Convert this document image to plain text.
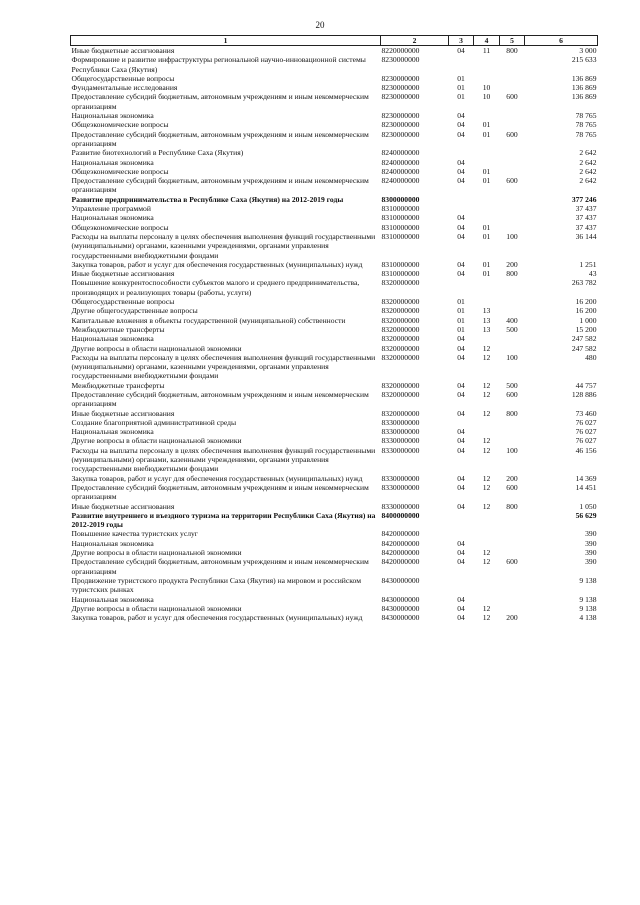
20
1	2	3	4	5	6
Иные бюджетные ассигнования	8220000000	04	11	800	3 000
Формирование и развитие инфраструктуры региональной научно-инновационной системы Республики Саха (Якутия)	8230000000				215 633
Общегосударственные вопросы	8230000000	01			136 869
Фундаментальные исследования	8230000000	01	10		136 869
Предоставление субсидий бюджетным, автономным учреждениям и иным некоммерческим организациям	8230000000	01	10	600	136 869
Национальная экономика	8230000000	04			78 765
Общеэкономические вопросы	8230000000	04	01		78 765
Предоставление субсидий бюджетным, автономным учреждениям и иным некоммерческим организациям	8230000000	04	01	600	78 765
Развитие биотехнологий в Республике Саха (Якутия)	8240000000				2 642
Национальная экономика	8240000000	04			2 642
Общеэкономические вопросы	8240000000	04	01		2 642
Предоставление субсидий бюджетным, автономным учреждениям и иным некоммерческим организациям	8240000000	04	01	600	2 642
Развитие предпринимательства в Республике Саха (Якутия) на 2012-2019 годы	8300000000				377 246
Управление программой	8310000000				37 437
Национальная экономика	8310000000	04			37 437
Общеэкономические вопросы	8310000000	04	01		37 437
Расходы на выплаты персоналу в целях обеспечения выполнения функций государственными (муниципальными) органами, казенными учреждениями, органами управления государственными внебюджетными фондами	8310000000	04	01	100	36 144
Закупка товаров, работ и услуг для обеспечения государственных (муниципальных) нужд	8310000000	04	01	200	1 251
Иные бюджетные ассигнования	8310000000	04	01	800	43
Повышение конкурентоспособности субъектов малого и среднего предпринимательства, производящих и реализующих товары (работы, услуги)	8320000000				263 782
Общегосударственные вопросы	8320000000	01			16 200
Другие общегосударственные вопросы	8320000000	01	13		16 200
Капитальные вложения в объекты государственной (муниципальной) собственности	8320000000	01	13	400	1 000
Межбюджетные трансферты	8320000000	01	13	500	15 200
Национальная экономика	8320000000	04			247 582
Другие вопросы в области национальной экономики	8320000000	04	12		247 582
Расходы на выплаты персоналу в целях обеспечения выполнения функций государственными (муниципальными) органами, казенными учреждениями, органами управления государственными внебюджетными фондами	8320000000	04	12	100	480
Межбюджетные трансферты	8320000000	04	12	500	44 757
Предоставление субсидий бюджетным, автономным учреждениям и иным некоммерческим организациям	8320000000	04	12	600	128 886
Иные бюджетные ассигнования	8320000000	04	12	800	73 460
Создание благоприятной административной среды	8330000000				76 027
Национальная экономика	8330000000	04			76 027
Другие вопросы в области национальной экономики	8330000000	04	12		76 027
Расходы на выплаты персоналу в целях обеспечения выполнения функций государственными (муниципальными) органами, казенными учреждениями, органами управления государственными внебюджетными фондами	8330000000	04	12	100	46 156
Закупка товаров, работ и услуг для обеспечения государственных (муниципальных) нужд	8330000000	04	12	200	14 369
Предоставление субсидий бюджетным, автономным учреждениям и иным некоммерческим организациям	8330000000	04	12	600	14 451
Иные бюджетные ассигнования	8330000000	04	12	800	1 050
Развитие внутреннего и въездного туризма на территории Республики Саха (Якутия) на 2012-2019 годы	8400000000				56 629
Повышение качества туристских услуг	8420000000				390
Национальная экономика	8420000000	04			390
Другие вопросы в области национальной экономики	8420000000	04	12		390
Предоставление субсидий бюджетным, автономным учреждениям и иным некоммерческим организациям	8420000000	04	12	600	390
Продвижение туристского продукта Республики Саха (Якутия) на мировом и российском туристских рынках	8430000000				9 138
Национальная экономика	8430000000	04			9 138
Другие вопросы в области национальной экономики	8430000000	04	12		9 138
Закупка товаров, работ и услуг для обеспечения государственных (муниципальных) нужд	8430000000	04	12	200	4 138
